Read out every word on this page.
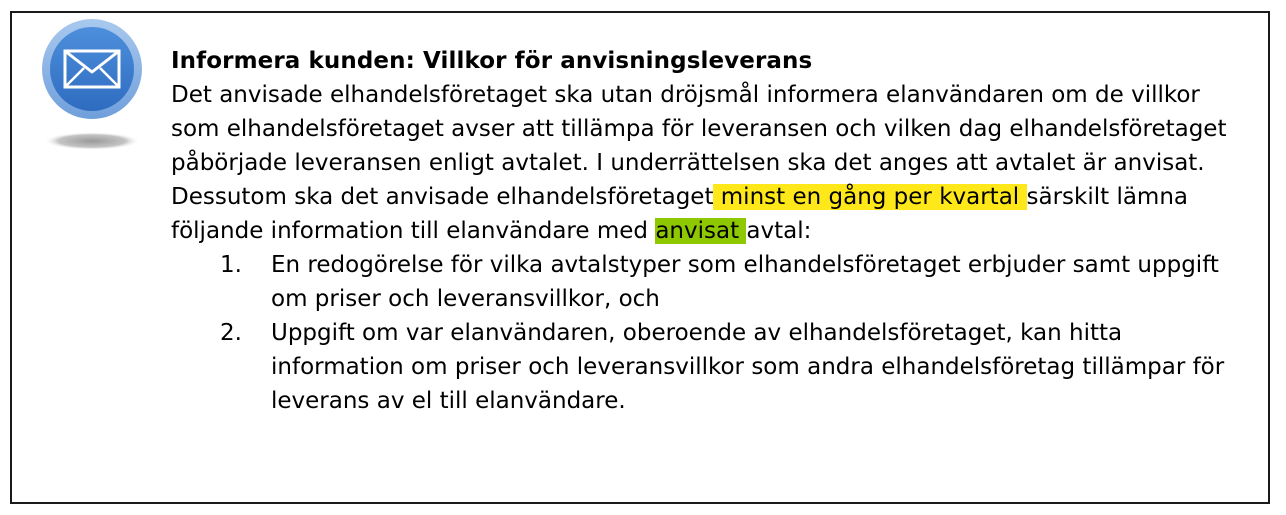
Informera kunden: Villkor för anvisningsleverans

Det anvisade elhandelsföretaget ska utan dröjsmål informera elanvändaren om de villkor som elhandelsföretaget avser att tillämpa för leveransen och vilken dag elhandelsföretaget påbörjade leveransen enligt avtalet. I underrättelsen ska det anges att avtalet är anvisat.

Dessutom ska det anvisade elhandelsföretaget minst en gång per kvartal särskilt lämna följande information till elanvändare med anvisat avtal:

1. En redogörelse för vilka avtalstyper som elhandelsföretaget erbjuder samt uppgift om priser och leveransvillkor, och
2. Uppgift om var elanvändaren, oberoende av elhandelsföretaget, kan hitta information om priser och leveransvillkor som andra elhandelsföretag tillämpar för leverans av el till elanvändare.
